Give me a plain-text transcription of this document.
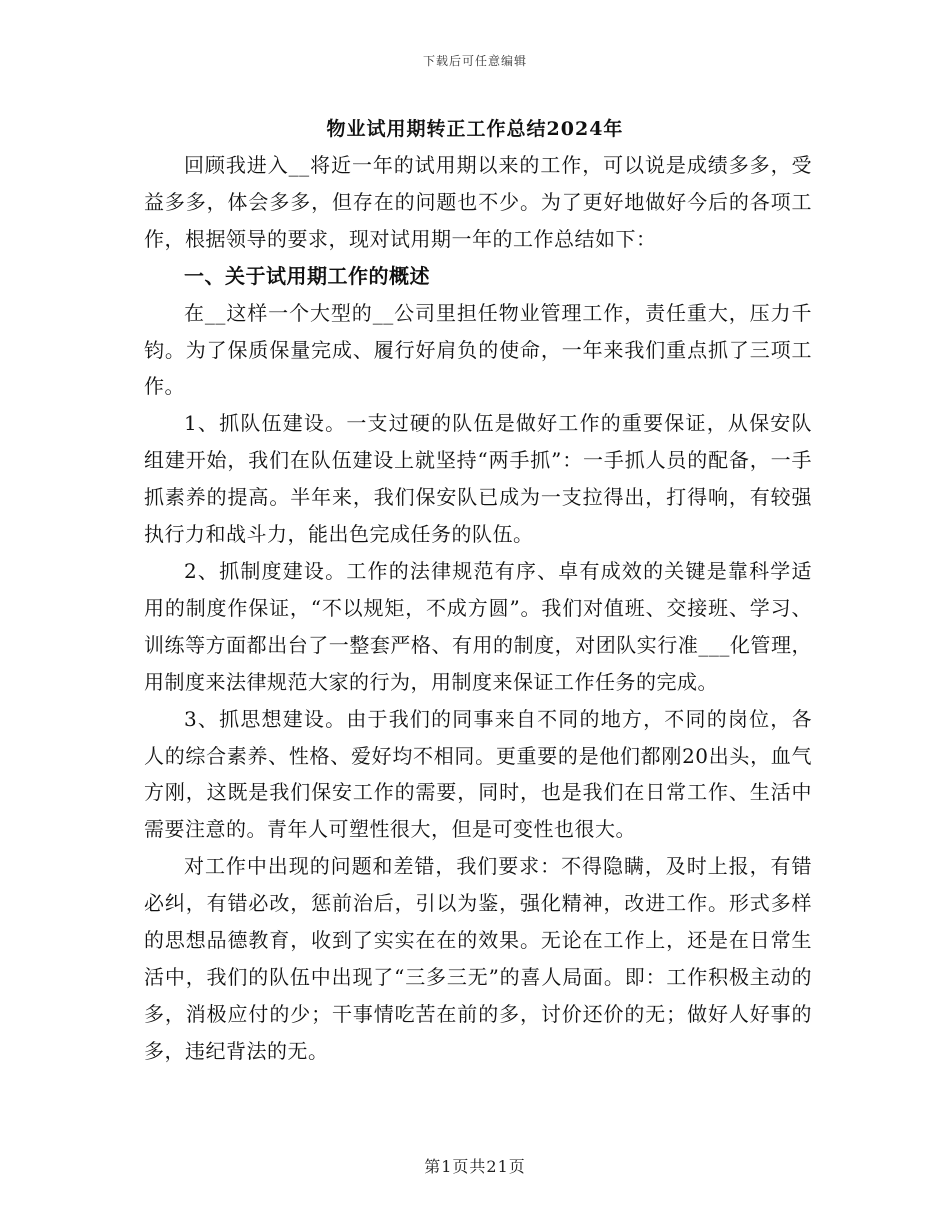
下载后可任意编辑
物业试用期转正工作总结2024年

回顾我进入__将近一年的试用期以来的工作，可以说是成绩多多，受益多多，体会多多，但存在的问题也不少。为了更好地做好今后的各项工作，根据领导的要求，现对试用期一年的工作总结如下：

一、关于试用期工作的概述

在__这样一个大型的__公司里担任物业管理工作，责任重大，压力千钧。为了保质保量完成、履行好肩负的使命，一年来我们重点抓了三项工作。

1、抓队伍建设。一支过硬的队伍是做好工作的重要保证，从保安队组建开始，我们在队伍建设上就坚持“两手抓”：一手抓人员的配备，一手抓素养的提高。半年来，我们保安队已成为一支拉得出，打得响，有较强执行力和战斗力，能出色完成任务的队伍。

2、抓制度建设。工作的法律规范有序、卓有成效的关键是靠科学适用的制度作保证，“不以规矩，不成方圆”。我们对值班、交接班、学习、训练等方面都出台了一整套严格、有用的制度，对团队实行准___化管理，用制度来法律规范大家的行为，用制度来保证工作任务的完成。

3、抓思想建设。由于我们的同事来自不同的地方，不同的岗位，各人的综合素养、性格、爱好均不相同。更重要的是他们都刚20出头，血气方刚，这既是我们保安工作的需要，同时，也是我们在日常工作、生活中需要注意的。青年人可塑性很大，但是可变性也很大。

对工作中出现的问题和差错，我们要求：不得隐瞒，及时上报，有错必纠，有错必改，惩前治后，引以为鉴，强化精神，改进工作。形式多样的思想品德教育，收到了实实在在的效果。无论在工作上，还是在日常生活中，我们的队伍中出现了“三多三无”的喜人局面。即：工作积极主动的多，消极应付的少；干事情吃苦在前的多，讨价还价的无；做好人好事的多，违纪背法的无。

第1页共21页
